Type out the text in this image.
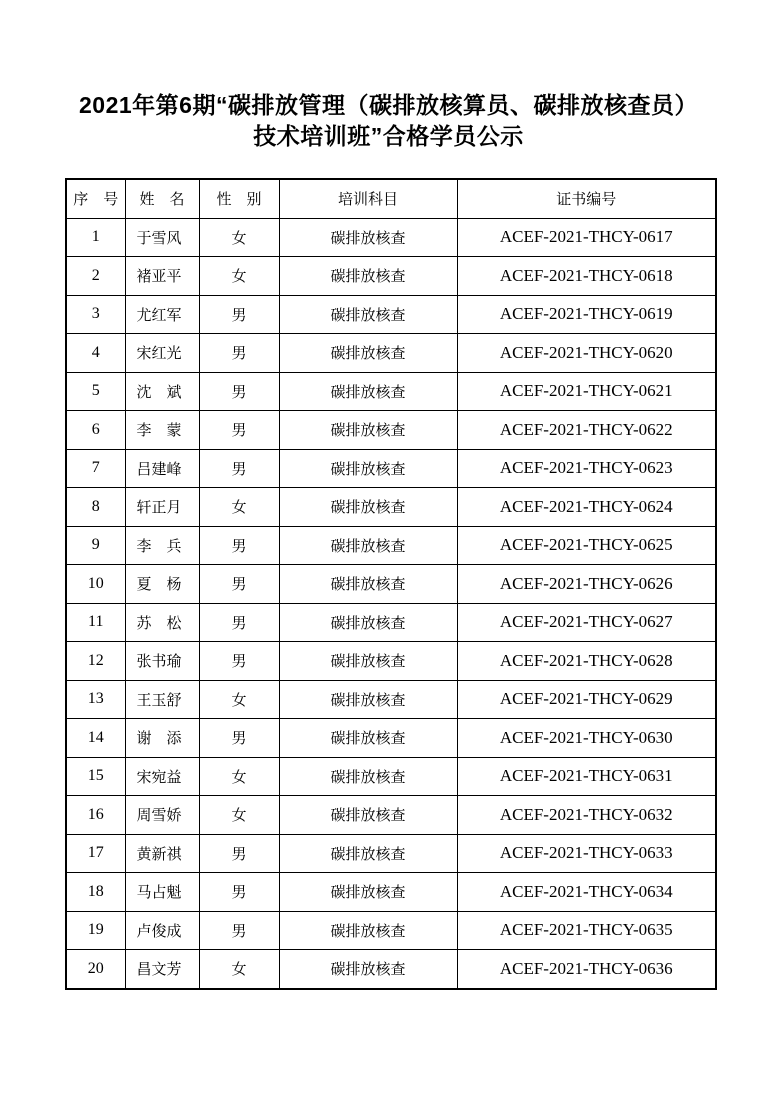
2021年第6期“碳排放管理（碳排放核算员、碳排放核查员）
技术培训班”合格学员公示
序　号	姓　名	性　别	培训科目	证书编号
1	于雪风	女	碳排放核查	ACEF-2021-THCY-0617
2	褚亚平	女	碳排放核查	ACEF-2021-THCY-0618
3	尤红军	男	碳排放核查	ACEF-2021-THCY-0619
4	宋红光	男	碳排放核查	ACEF-2021-THCY-0620
5	沈　斌	男	碳排放核查	ACEF-2021-THCY-0621
6	李　蒙	男	碳排放核查	ACEF-2021-THCY-0622
7	吕建峰	男	碳排放核查	ACEF-2021-THCY-0623
8	轩正月	女	碳排放核查	ACEF-2021-THCY-0624
9	李　兵	男	碳排放核查	ACEF-2021-THCY-0625
10	夏　杨	男	碳排放核查	ACEF-2021-THCY-0626
11	苏　松	男	碳排放核查	ACEF-2021-THCY-0627
12	张书瑜	男	碳排放核查	ACEF-2021-THCY-0628
13	王玉舒	女	碳排放核查	ACEF-2021-THCY-0629
14	谢　添	男	碳排放核查	ACEF-2021-THCY-0630
15	宋宛益	女	碳排放核查	ACEF-2021-THCY-0631
16	周雪娇	女	碳排放核查	ACEF-2021-THCY-0632
17	黄新祺	男	碳排放核查	ACEF-2021-THCY-0633
18	马占魁	男	碳排放核查	ACEF-2021-THCY-0634
19	卢俊成	男	碳排放核查	ACEF-2021-THCY-0635
20	昌文芳	女	碳排放核查	ACEF-2021-THCY-0636
